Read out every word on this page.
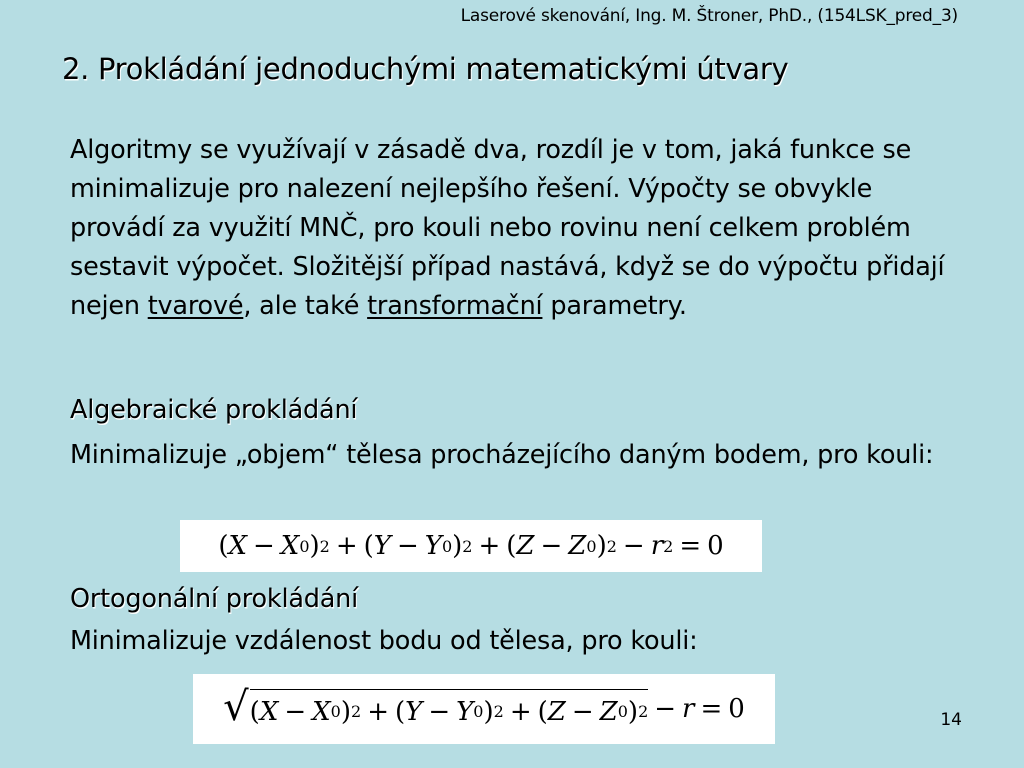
Laserové skenování, Ing. M. Štroner, PhD., (154LSK_pred_3)
2. Prokládání jednoduchými matematickými útvary

Algoritmy se využívají v zásadě dva, rozdíl je v tom, jaká funkce se minimalizuje pro nalezení nejlepšího řešení. Výpočty se obvykle provádí za využití MNČ, pro kouli nebo rovinu není celkem problém sestavit výpočet. Složitější případ nastává, když se do výpočtu přidají nejen tvarové, ale také transformační parametry.

Algebraické prokládání
Minimalizuje „objem“ tělesa procházejícího daným bodem, pro kouli:
( X − X 0 ) 2 + ( Y − Y 0 ) 2 + ( Z − Z 0 ) 2 − r 2 = 0
Ortogonální prokládání
Minimalizuje vzdálenost bodu od tělesa, pro kouli:
√ ( X − X 0 ) 2 + ( Y − Y 0 ) 2 + ( Z − Z 0 ) 2 − r = 0	14
